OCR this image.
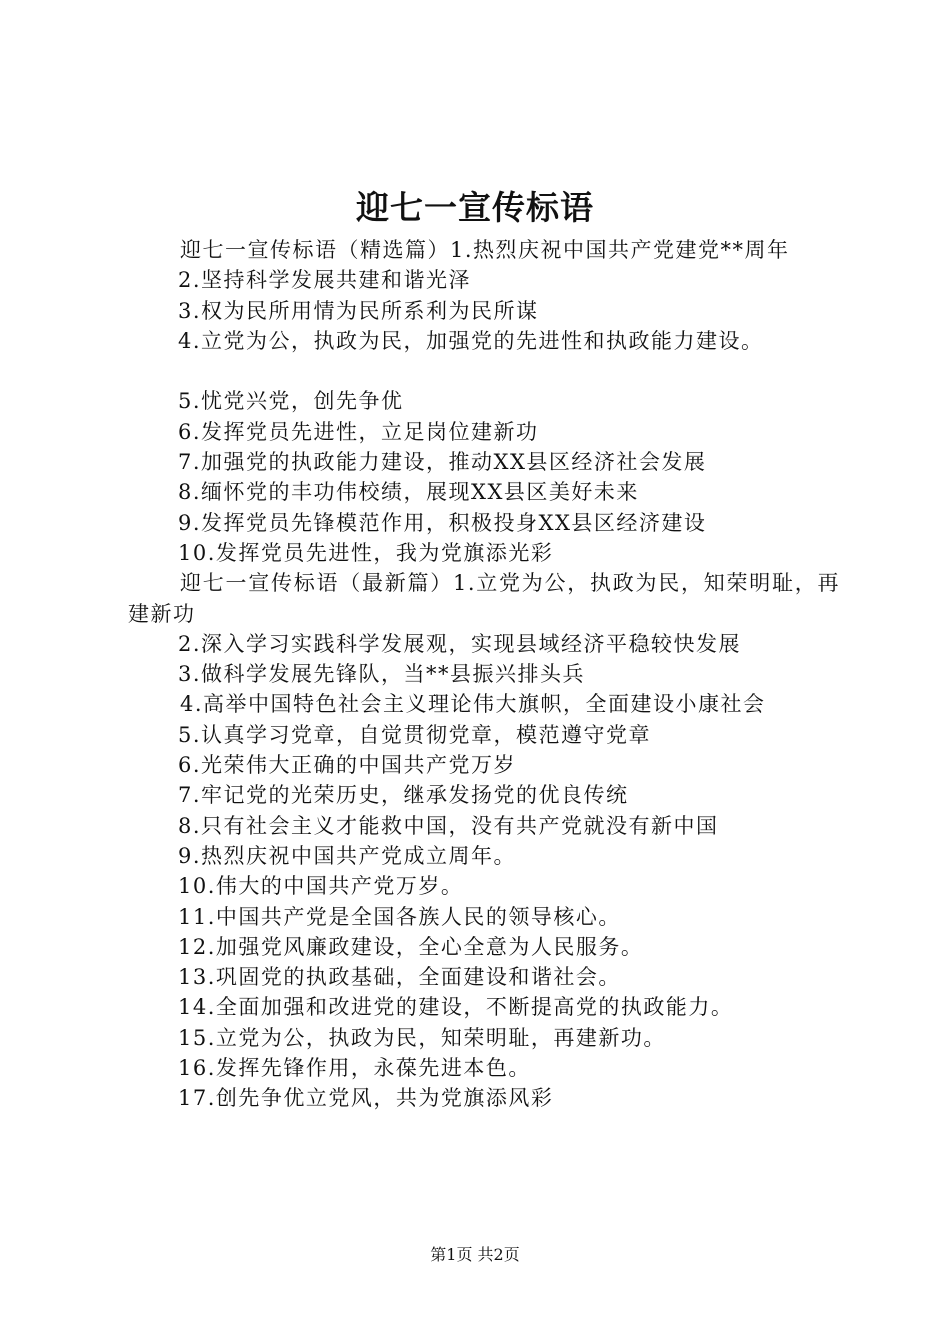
迎七一宣传标语

迎七一宣传标语（精选篇）1.热烈庆祝中国共产党建党**周年

2.坚持科学发展共建和谐光泽

3.权为民所用情为民所系利为民所谋

4.立党为公，执政为民，加强党的先进性和执政能力建设。

5.忧党兴党，创先争优

6.发挥党员先进性，立足岗位建新功

7.加强党的执政能力建设，推动XX县区经济社会发展

8.缅怀党的丰功伟校绩，展现XX县区美好未来

9.发挥党员先锋模范作用，积极投身XX县区经济建设

10.发挥党员先进性，我为党旗添光彩

迎七一宣传标语（最新篇）1.立党为公，执政为民，知荣明耻，再建新功

2.深入学习实践科学发展观，实现县域经济平稳较快发展

3.做科学发展先锋队，当**县振兴排头兵

4.高举中国特色社会主义理论伟大旗帜，全面建设小康社会

5.认真学习党章，自觉贯彻党章，模范遵守党章

6.光荣伟大正确的中国共产党万岁

7.牢记党的光荣历史，继承发扬党的优良传统

8.只有社会主义才能救中国，没有共产党就没有新中国

9.热烈庆祝中国共产党成立周年。

10.伟大的中国共产党万岁。

11.中国共产党是全国各族人民的领导核心。

12.加强党风廉政建设，全心全意为人民服务。

13.巩固党的执政基础，全面建设和谐社会。

14.全面加强和改进党的建设，不断提高党的执政能力。

15.立党为公，执政为民，知荣明耻，再建新功。

16.发挥先锋作用，永葆先进本色。

17.创先争优立党风，共为党旗添风彩

第1页 共2页
